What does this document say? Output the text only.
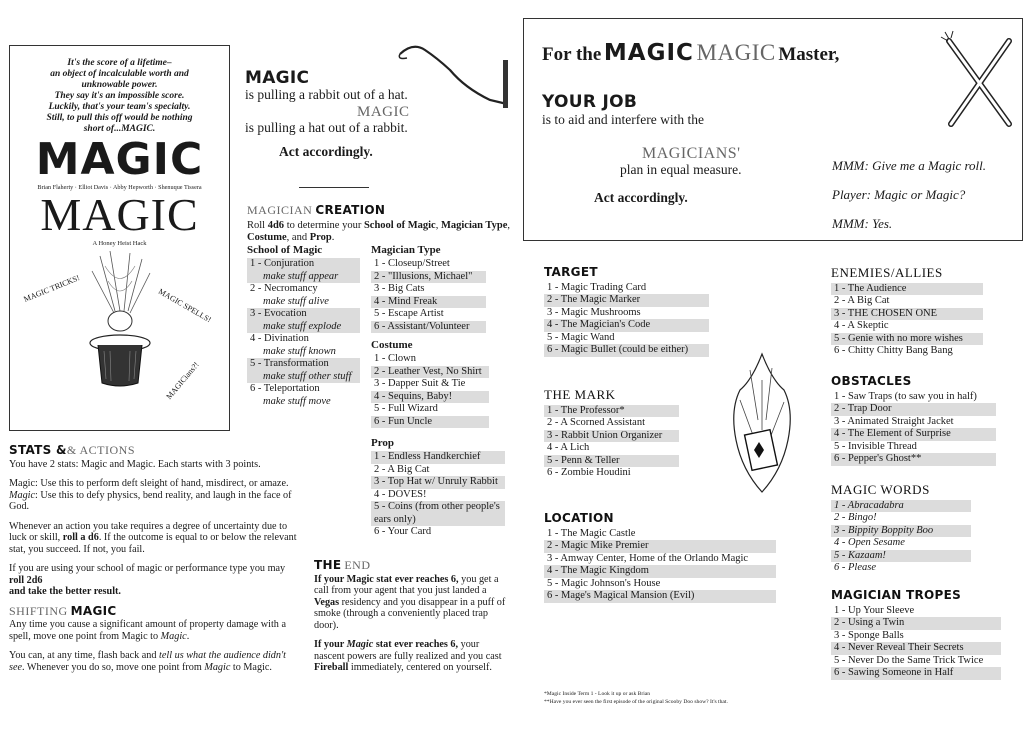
It's the score of a lifetime–
an object of incalculable worth and
unknowable power.
They say it's an impossible score.
Luckily, that's your team's specialty.
Still, to pull this off would be nothing
short of...MAGIC.
MAGIC
Brian Flaherty · Elliot Davis · Abby Hepworth · Shenuque Tissera
MAGIC
A Honey Heist Hack
MAGIC TRICKS!	MAGIC SPELLS!
MAGICians?!
MAGIC
is pulling a rabbit out of a hat.
MAGIC
is pulling a hat out of a rabbit.
Act accordingly.
MAGICIAN CREATION
Roll 4d6 to determine your School of Magic, Magician Type, Costume, and Prop.
School of Magic
1 - Conjuration
make stuff appear
2 - Necromancy
make stuff alive
3 - Evocation
make stuff explode
4 - Divination
make stuff known
5 - Transformation
make stuff other stuff
6 - Teleportation
make stuff move
Magician Type
1 - Closeup/Street
2 - "Illusions, Michael"
3 - Big Cats
4 - Mind Freak
5 - Escape Artist
6 - Assistant/Volunteer
Costume
1 - Clown
2 - Leather Vest, No Shirt
3 - Dapper Suit & Tie
4 - Sequins, Baby!
5 - Full Wizard
6 - Fun Uncle
Prop
1 - Endless Handkerchief
2 - A Big Cat
3 - Top Hat w/ Unruly Rabbit
4 - DOVES!
5 - Coins (from other people's ears only)
6 - Your Card
STATS && ACTIONS

You have 2 stats: Magic and Magic. Each starts with 3 points.

Magic: Use this to perform deft sleight of hand, misdirect, or amaze.
Magic: Use this to defy physics, bend reality, and laugh in the face of God.

Whenever an action you take requires a degree of uncertainty due to luck or skill, roll a d6. If the outcome is equal to or below the relevant stat, you succeed. If not, you fail.

If you are using your school of magic or performance type you may roll 2d6
and take the better result.

SHIFTING MAGIC

Any time you cause a significant amount of property damage with a spell, move one point from Magic to Magic.

You can, at any time, flash back and tell us what the audience didn't see. Whenever you do so, move one point from Magic to Magic.

THE END

If your Magic stat ever reaches 6, you get a call from your agent that you just landed a Vegas residency and you disappear in a puff of smoke (through a conveniently placed trap door).

If your Magic stat ever reaches 6, your nascent powers are fully realized and you cast Fireball immediately, centered on yourself.

For the MAGIC MAGIC Master,
YOUR JOB
is to aid and interfere with the
MAGICIANS'
plan in equal measure.
Act accordingly.
MMM: Give me a Magic roll.
Player: Magic or Magic?
MMM: Yes.
TARGET
1 - Magic Trading Card
2 - The Magic Marker
3 - Magic Mushrooms
4 - The Magician's Code
5 - Magic Wand
6 - Magic Bullet (could be either)
THE MARK
1 - The Professor*
2 - A Scorned Assistant
3 - Rabbit Union Organizer
4 - A Lich
5 - Penn & Teller
6 - Zombie Houdini
LOCATION
1 - The Magic Castle
2 - Magic Mike Premier
3 - Amway Center, Home of the Orlando Magic
4 - The Magic Kingdom
5 - Magic Johnson's House
6 - Mage's Magical Mansion (Evil)
*Magic Inside Term 1 - Look it up or ask Brian
**Have you ever seen the first episode of the original Scooby Doo show? It's that.
ENEMIES/ALLIES
1 - The Audience
2 - A Big Cat
3 - THE CHOSEN ONE
4 - A Skeptic
5 - Genie with no more wishes
6 - Chitty Chitty Bang Bang
OBSTACLES
1 - Saw Traps (to saw you in half)
2 - Trap Door
3 - Animated Straight Jacket
4 - The Element of Surprise
5 - Invisible Thread
6 - Pepper's Ghost**
MAGIC WORDS
1 - Abracadabra
2 - Bingo!
3 - Bippity Boppity Boo
4 - Open Sesame
5 - Kazaam!
6 - Please
MAGICIAN TROPES
1 - Up Your Sleeve
2 - Using a Twin
3 - Sponge Balls
4 - Never Reveal Their Secrets
5 - Never Do the Same Trick Twice
6 - Sawing Someone in Half
